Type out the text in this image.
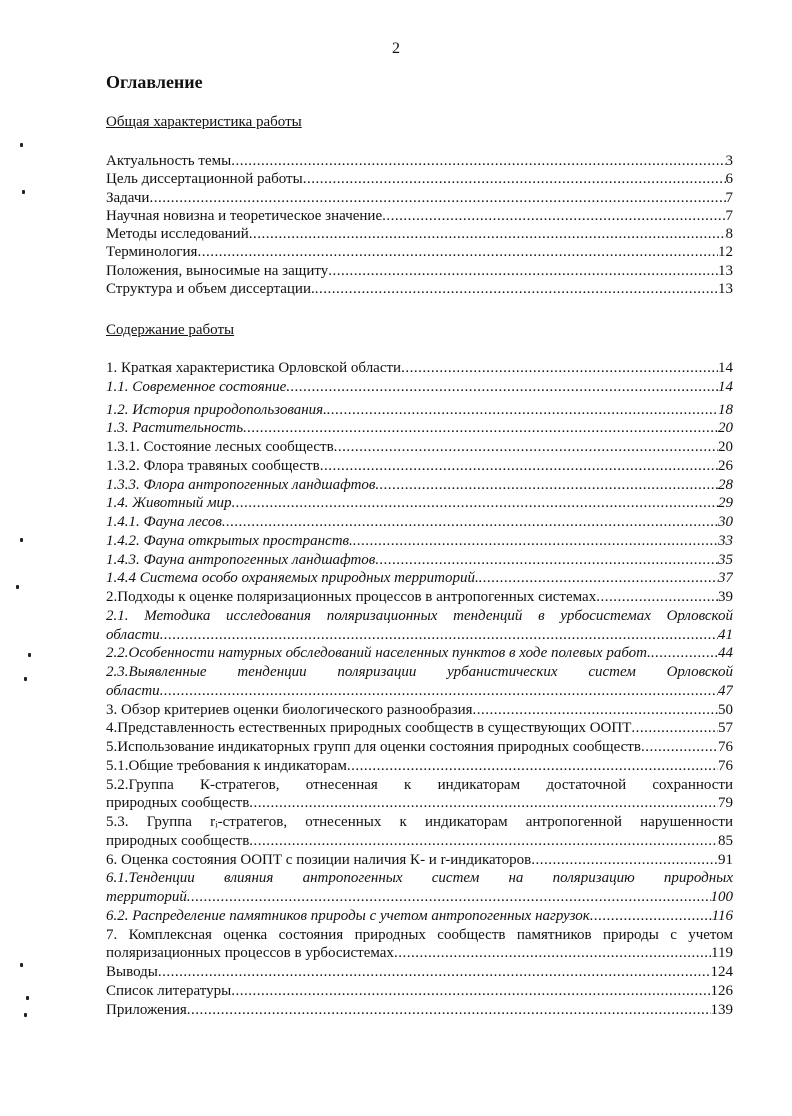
2
Оглавление
Общая характеристика работы
Актуальность темы .....	3
Цель диссертационной работы .....	6
Задачи .....	7
Научная новизна и теоретическое значение .....	7
Методы исследований .....	8
Терминология .....	12
Положения, выносимые на защиту .....	13
Структура и объем диссертации. .....	13
Содержание работы
1. Краткая характеристика Орловской области .....	14
1.1. Современное состояние .....	14
1.2. История природопользования. .....	18
1.3. Растительность .....	20
1.3.1. Состояние лесных сообществ .....	20
1.3.2. Флора травяных сообществ .....	26
1.3.3. Флора антропогенных ландшафтов .....	28
1.4. Животный мир .....	29
1.4.1. Фауна лесов .....	30
1.4.2. Фауна открытых пространств. .....	33
1.4.3. Фауна антропогенных ландшафтов .....	35
1.4.4 Система особо охраняемых природных территорий. .....	37
2.Подходы к оценке поляризационных процессов в антропогенных системах .....	39
2.1. Методика исследования поляризационных тенденций в урбосистемах Орловской
области .....	41
2.2.Особенности натурных обследований населенных пунктов в ходе полевых работ. .....	44
2.3.Выявленные тенденции поляризации урбанистических систем Орловской
области .....	47
3. Обзор критериев оценки биологического разнообразия .....	50
4.Представленность естественных природных сообществ в существующих ООПТ .....	57
5.Использование индикаторных групп для оценки состояния природных сообществ .....	76
5.1.Общие требования к индикаторам .....	76
5.2.Группа К-стратегов, отнесенная к индикаторам достаточной сохранности
природных сообществ .....	79
5.3. Группа rᵢ-стратегов, отнесенных к индикаторам антропогенной нарушенности
природных сообществ .....	85
6. Оценка состояния ООПТ с позиции наличия К- и r-индикаторов .....	91
6.1.Тенденции влияния антропогенных систем на поляризацию природных
территорий .....	100
6.2. Распределение памятников природы с учетом антропогенных нагрузок .....	116
7. Комплексная оценка состояния природных сообществ памятников природы с учетом
поляризационных процессов в урбосистемах .....	119
Выводы .....	124
Список литературы .....	126
Приложения .....	139
